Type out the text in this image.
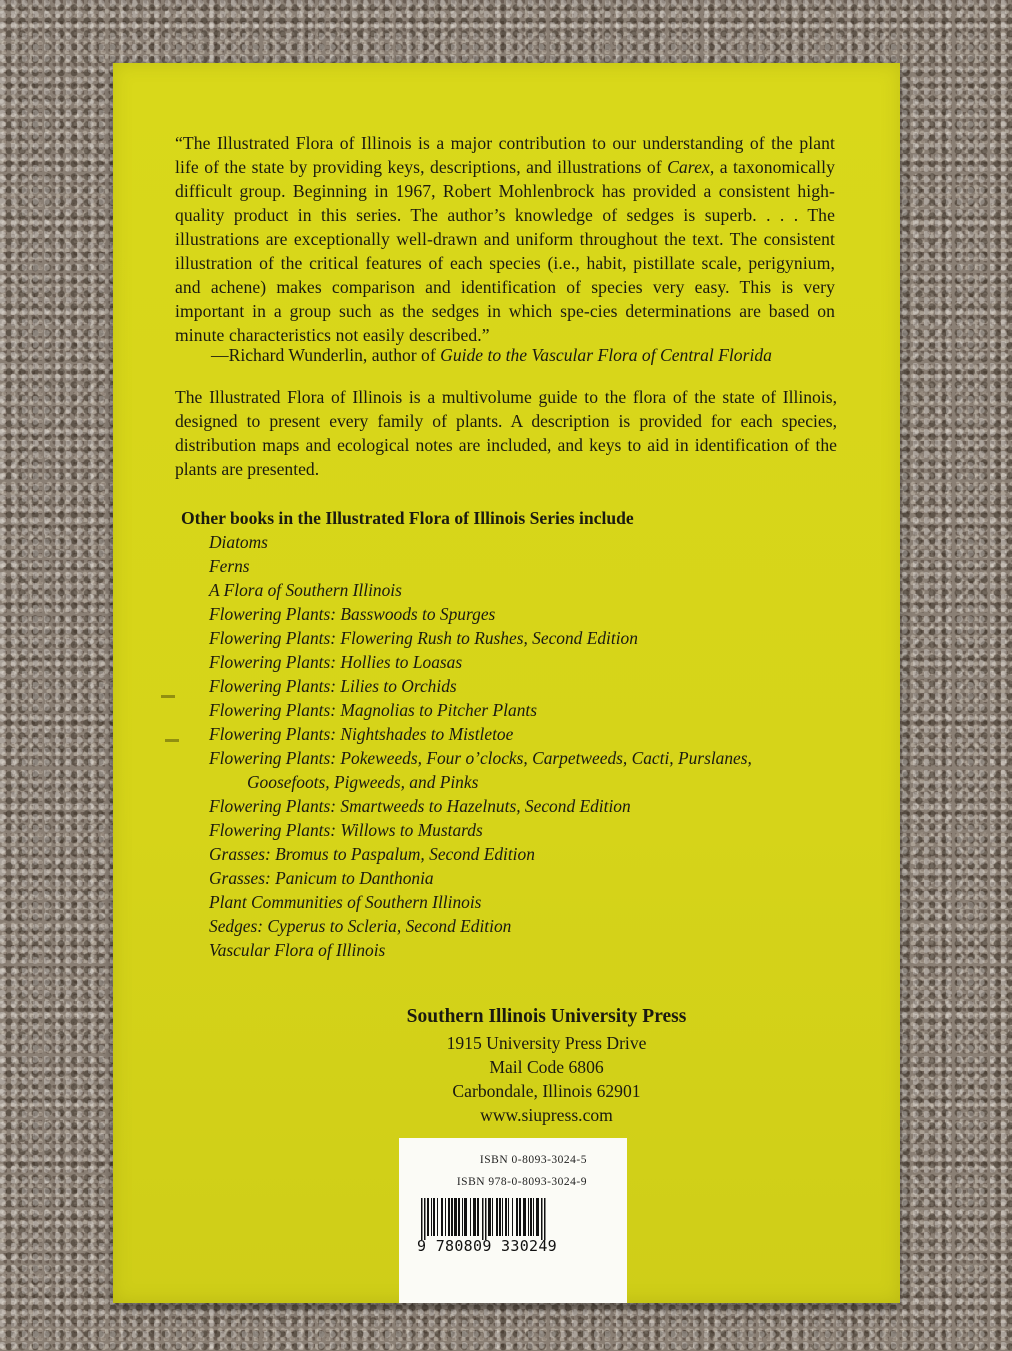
“The Illustrated Flora of Illinois is a major contribution to our understanding of the plant life of the state by providing keys, descriptions, and illustrations of Carex, a taxonomically difficult group. Beginning in 1967, Robert Mohlenbrock has provided a consistent high-quality product in this series. The author’s knowledge of sedges is superb. . . . The illustrations are exceptionally well-drawn and uniform throughout the text. The consistent illustration of the critical features of each species (i.e., habit, pistillate scale, perigynium, and achene) makes comparison and identification of species very easy. This is very important in a group such as the sedges in which spe-cies determinations are based on minute characteristics not easily described.”

—Richard Wunderlin, author of Guide to the Vascular Flora of Central Florida

The Illustrated Flora of Illinois is a multivolume guide to the flora of the state of Illinois, designed to present every family of plants. A description is provided for each species, distribution maps and ecological notes are included, and keys to aid in identification of the plants are presented.

Other books in the Illustrated Flora of Illinois Series include
Diatoms
Ferns
A Flora of Southern Illinois
Flowering Plants: Basswoods to Spurges
Flowering Plants: Flowering Rush to Rushes, Second Edition
Flowering Plants: Hollies to Loasas
Flowering Plants: Lilies to Orchids
Flowering Plants: Magnolias to Pitcher Plants
Flowering Plants: Nightshades to Mistletoe
Flowering Plants: Pokeweeds, Four o’clocks, Carpetweeds, Cacti, Purslanes, Goosefoots, Pigweeds, and Pinks
Flowering Plants: Smartweeds to Hazelnuts, Second Edition
Flowering Plants: Willows to Mustards
Grasses: Bromus to Paspalum, Second Edition
Grasses: Panicum to Danthonia
Plant Communities of Southern Illinois
Sedges: Cyperus to Scleria, Second Edition
Vascular Flora of Illinois
Southern Illinois University Press
1915 University Press Drive
Mail Code 6806
Carbondale, Illinois 62901
www.siupress.com
ISBN 0-8093-3024-5
ISBN 978-0-8093-3024-9
9 780809 330249
